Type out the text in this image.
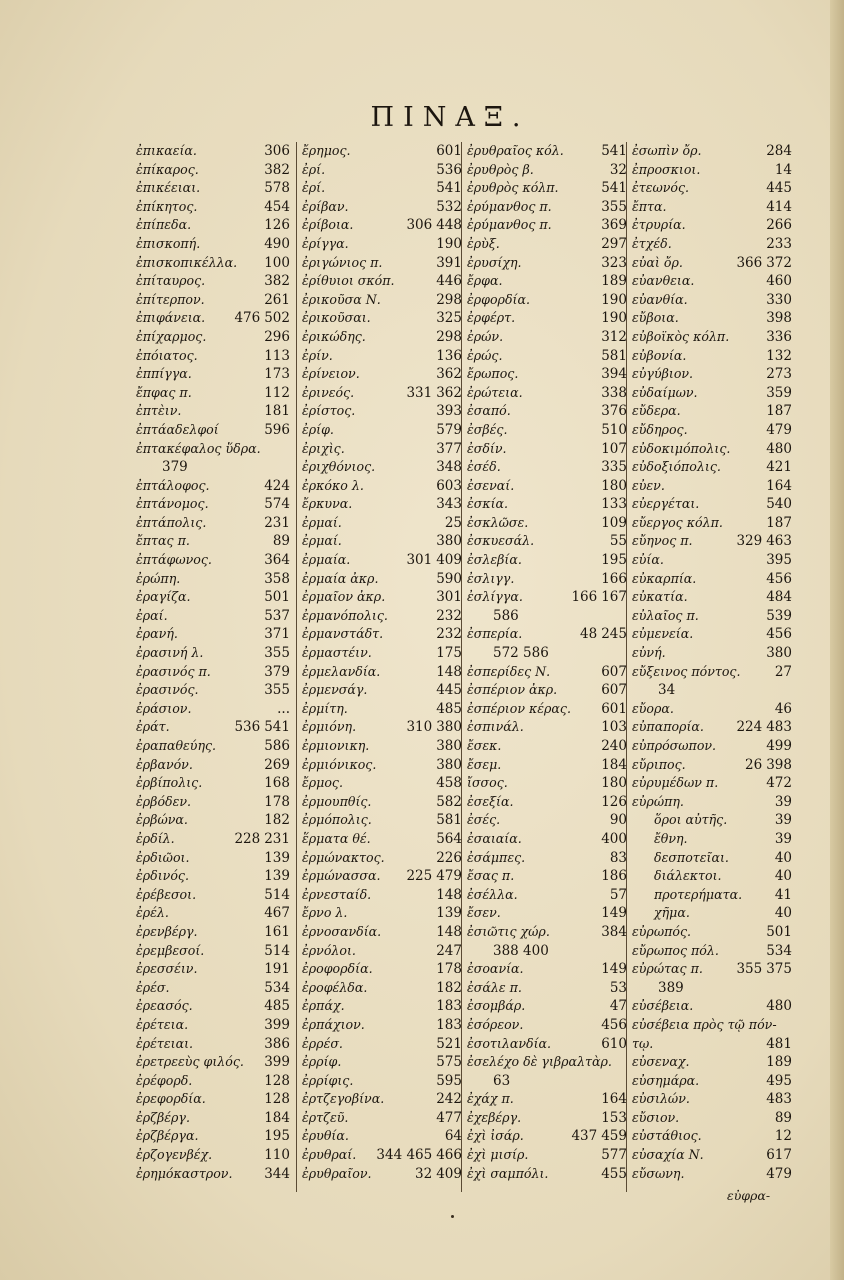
ΠΙΝΑΞ.
ἐπικαεία.	306
ἐπίκαρος.	382
ἐπικέειαι.	578
ἐπίκητος.	454
ἐπίπεδα.	126
ἐπισκοπή.	490
ἐπισκοπικέλλα.	100
ἐπίταυρος.	382
ἐπίτερπον.	261
ἐπιφάνεια.	476 502
ἐπίχαρμος.	296
ἐπόιατος.	113
ἐππίγγα.	173
ἔπφας π.	112
ἐπτὲιν.	181
ἐπτάαδελφοί	596
ἐπτακέφαλος ὕδρα.
379
ἐπτάλοφος.	424
ἐπτάνομος.	574
ἐπτάπολις.	231
ἔπτας π.	89
ἐπτάφωνος.	364
ἐρώπη.	358
ἐραγίζα.	501
ἐραί.	537
ἐρανή.	371
ἐρασινή λ.	355
ἐρασινός π.	379
ἐρασινός.	355
ἐράσιον.	...
ἐράτ.	536 541
ἐραπαθεύης.	586
ἐρβανόν.	269
ἐρβίπολις.	168
ἐρβόδεν.	178
ἐρβώνα.	182
ἐρδίλ.	228 231
ἐρδιῶοι.	139
ἐρδινός.	139
ἐρέβεσοι.	514
ἐρέλ.	467
ἐρενβέργ.	161
ἐρεμβεσοί.	514
ἐρεσσέιν.	191
ἐρέσ.	534
ἐρεασός.	485
ἐρέτεια.	399
ἐρέτειαι.	386
ἐρετρεεὺς φιλός.	399
ἐρέφορδ.	128
ἐρεφορδία.	128
ἐρζβέργ.	184
ἐρζβέργα.	195
ἐρζογενβέχ.	110
ἐρημόκαστρον.	344
ἔρημος.	601
ἐρί.	536
ἐρί.	541
ἐρίβαν.	532
ἐρίβοια.	306 448
ἐρίγγα.	190
ἐριγώνιος π.	391
ἐρίθυιοι σκόπ.	446
ἐρικοῦσα Ν.	298
ἐρικοῦσαι.	325
ἐρικώδης.	298
ἐρίν.	136
ἐρίνειον.	362
ἐρινεός.	331 362
ἐρίστος.	393
ἐρίφ.	579
ἐριχὶς.	377
ἐριχθόνιος.	348
ἐρκόκο λ.	603
ἔρκυνα.	343
ἐρμαί.	25
ἐρμαί.	380
ἐρμαία.	301 409
ἐρμαία ἀκρ.	590
ἐρμαῖον ἀκρ.	301
ἐρμανόπολις.	232
ἐρμανστάδτ.	232
ἐρμαστέιν.	175
ἐρμελανδία.	148
ἐρμενσάγ.	445
ἐρμίτη.	485
ἐρμιόνη.	310 380
ἐρμιονικη.	380
ἐρμιόνικος.	380
ἔρμος.	458
ἐρμουπθίς.	582
ἐρμόπολις.	581
ἕρματα θέ.	564
ἐρμώνακτος.	226
ἐρμώνασσα.	225 479
ἐρνεσταίδ.	148
ἔρνο λ.	139
ἐρνοσανδία.	148
ἐρνόλοι.	247
ἐροφορδία.	178
ἐροφέλδα.	182
ἐρπάχ.	183
ἐρπάχιον.	183
ἐρρέσ.	521
ἐρρίφ.	575
ἐρρίφις.	595
ἐρτζεγοβίνα.	242
ἐρτζεῦ.	477
ἐρυθία.	64
ἐρυθραί.	344 465 466
ἐρυθραῖον.	32 409
ἐρυθραῖος κόλ.	541
ἐρυθρὸς β.	32
ἐρυθρὸς κόλπ.	541
ἐρύμανθος π.	355
ἐρύμανθος π.	369
ἐρὺξ.	297
ἐρυσίχη.	323
ἔρφα.	189
ἐρφορδία.	190
ἐρφέρτ.	190
ἐρών.	312
ἐρώς.	581
ἔρωπος.	394
ἐρώτεια.	338
ἐσαπό.	376
ἐσβές.	510
ἐσδίν.	107
ἐσέδ.	335
ἐσεναί.	180
ἐσκία.	133
ἐσκλῶσε.	109
ἐσκυεσάλ.	55
ἐσλεβία.	195
ἐσλιγγ.	166
ἐσλίγγα.	166 167
586
ἐσπερία.	48 245
572 586
ἐσπερίδες Ν.	607
ἐσπέριον ἀκρ.	607
ἐσπέριον κέρας.	601
ἐσπινάλ.	103
ἔσεκ.	240
ἔσεμ.	184
ἴσσος.	180
ἐσεξία.	126
ἐσές.	90
ἐσαιαία.	400
ἐσάμπες.	83
ἔσας π.	186
ἐσέλλα.	57
ἔσεν.	149
ἐσιῶτις χώρ.	384
388 400
ἐσοανία.	149
ἐσάλε π.	53
ἐσομβάρ.	47
ἐσόρεον.	456
ἐσοτιλανδία.	610
ἐσελέχο δὲ γιβραλτὰρ.
63
ἐχάχ π.	164
ἐχεβέργ.	153
ἐχὶ ἰσάρ.	437 459
ἐχὶ μισίρ.	577
ἐχὶ σαμπόλι.	455
ἐσωπὶν ὄρ.	284
ἐπροσκιοι.	14
ἐτεωνός.	445
ἔπτα.	414
ἐτρυρία.	266
ἐτχέδ.	233
εὐαὶ ὄρ.	366 372
εὐανθεια.	460
εὐανθία.	330
εὔβοια.	398
εὐβοϊκὸς κόλπ.	336
εὐβονία.	132
εὐγύβιον.	273
εὐδαίμων.	359
εὔδερα.	187
εὔδηρος.	479
εὐδοκιμόπολις.	480
εὐδοξιόπολις.	421
εὐεν.	164
εὐεργέται.	540
εὔεργος κόλπ.	187
εὔηνος π.	329 463
εὐία.	395
εὐκαρπία.	456
εὐκατία.	484
εὐλαῖος π.	539
εὐμενεία.	456
εὐνή.	380
εὔξεινος πόντος.	27
34
εὔορα.	46
εὐπαπορία.	224 483
εὐπρόσωπον.	499
εὔριπος.	26 398
εὐρυμέδων π.	472
εὐρώπη.	39
ὅροι αὐτῆς.	39
ἔθνη.	39
δεσποτεῖαι.	40
διάλεκτοι.	40
προτερήματα.	41
χῆμα.	40
εὐρωπός.	501
εὔρωπος πόλ.	534
εὐρώτας π.	355 375
389
εὐσέβεια.	480
εὐσέβεια πρὸς τῷ πόν-
τῳ.	481
εὐσεναχ.	189
εὐσημάρα.	495
εὐσιλών.	483
εὔσιον.	89
εὐστάθιος.	12
εὐσαχία Ν.	617
εὔσωνη.	479
εὐφρα-
